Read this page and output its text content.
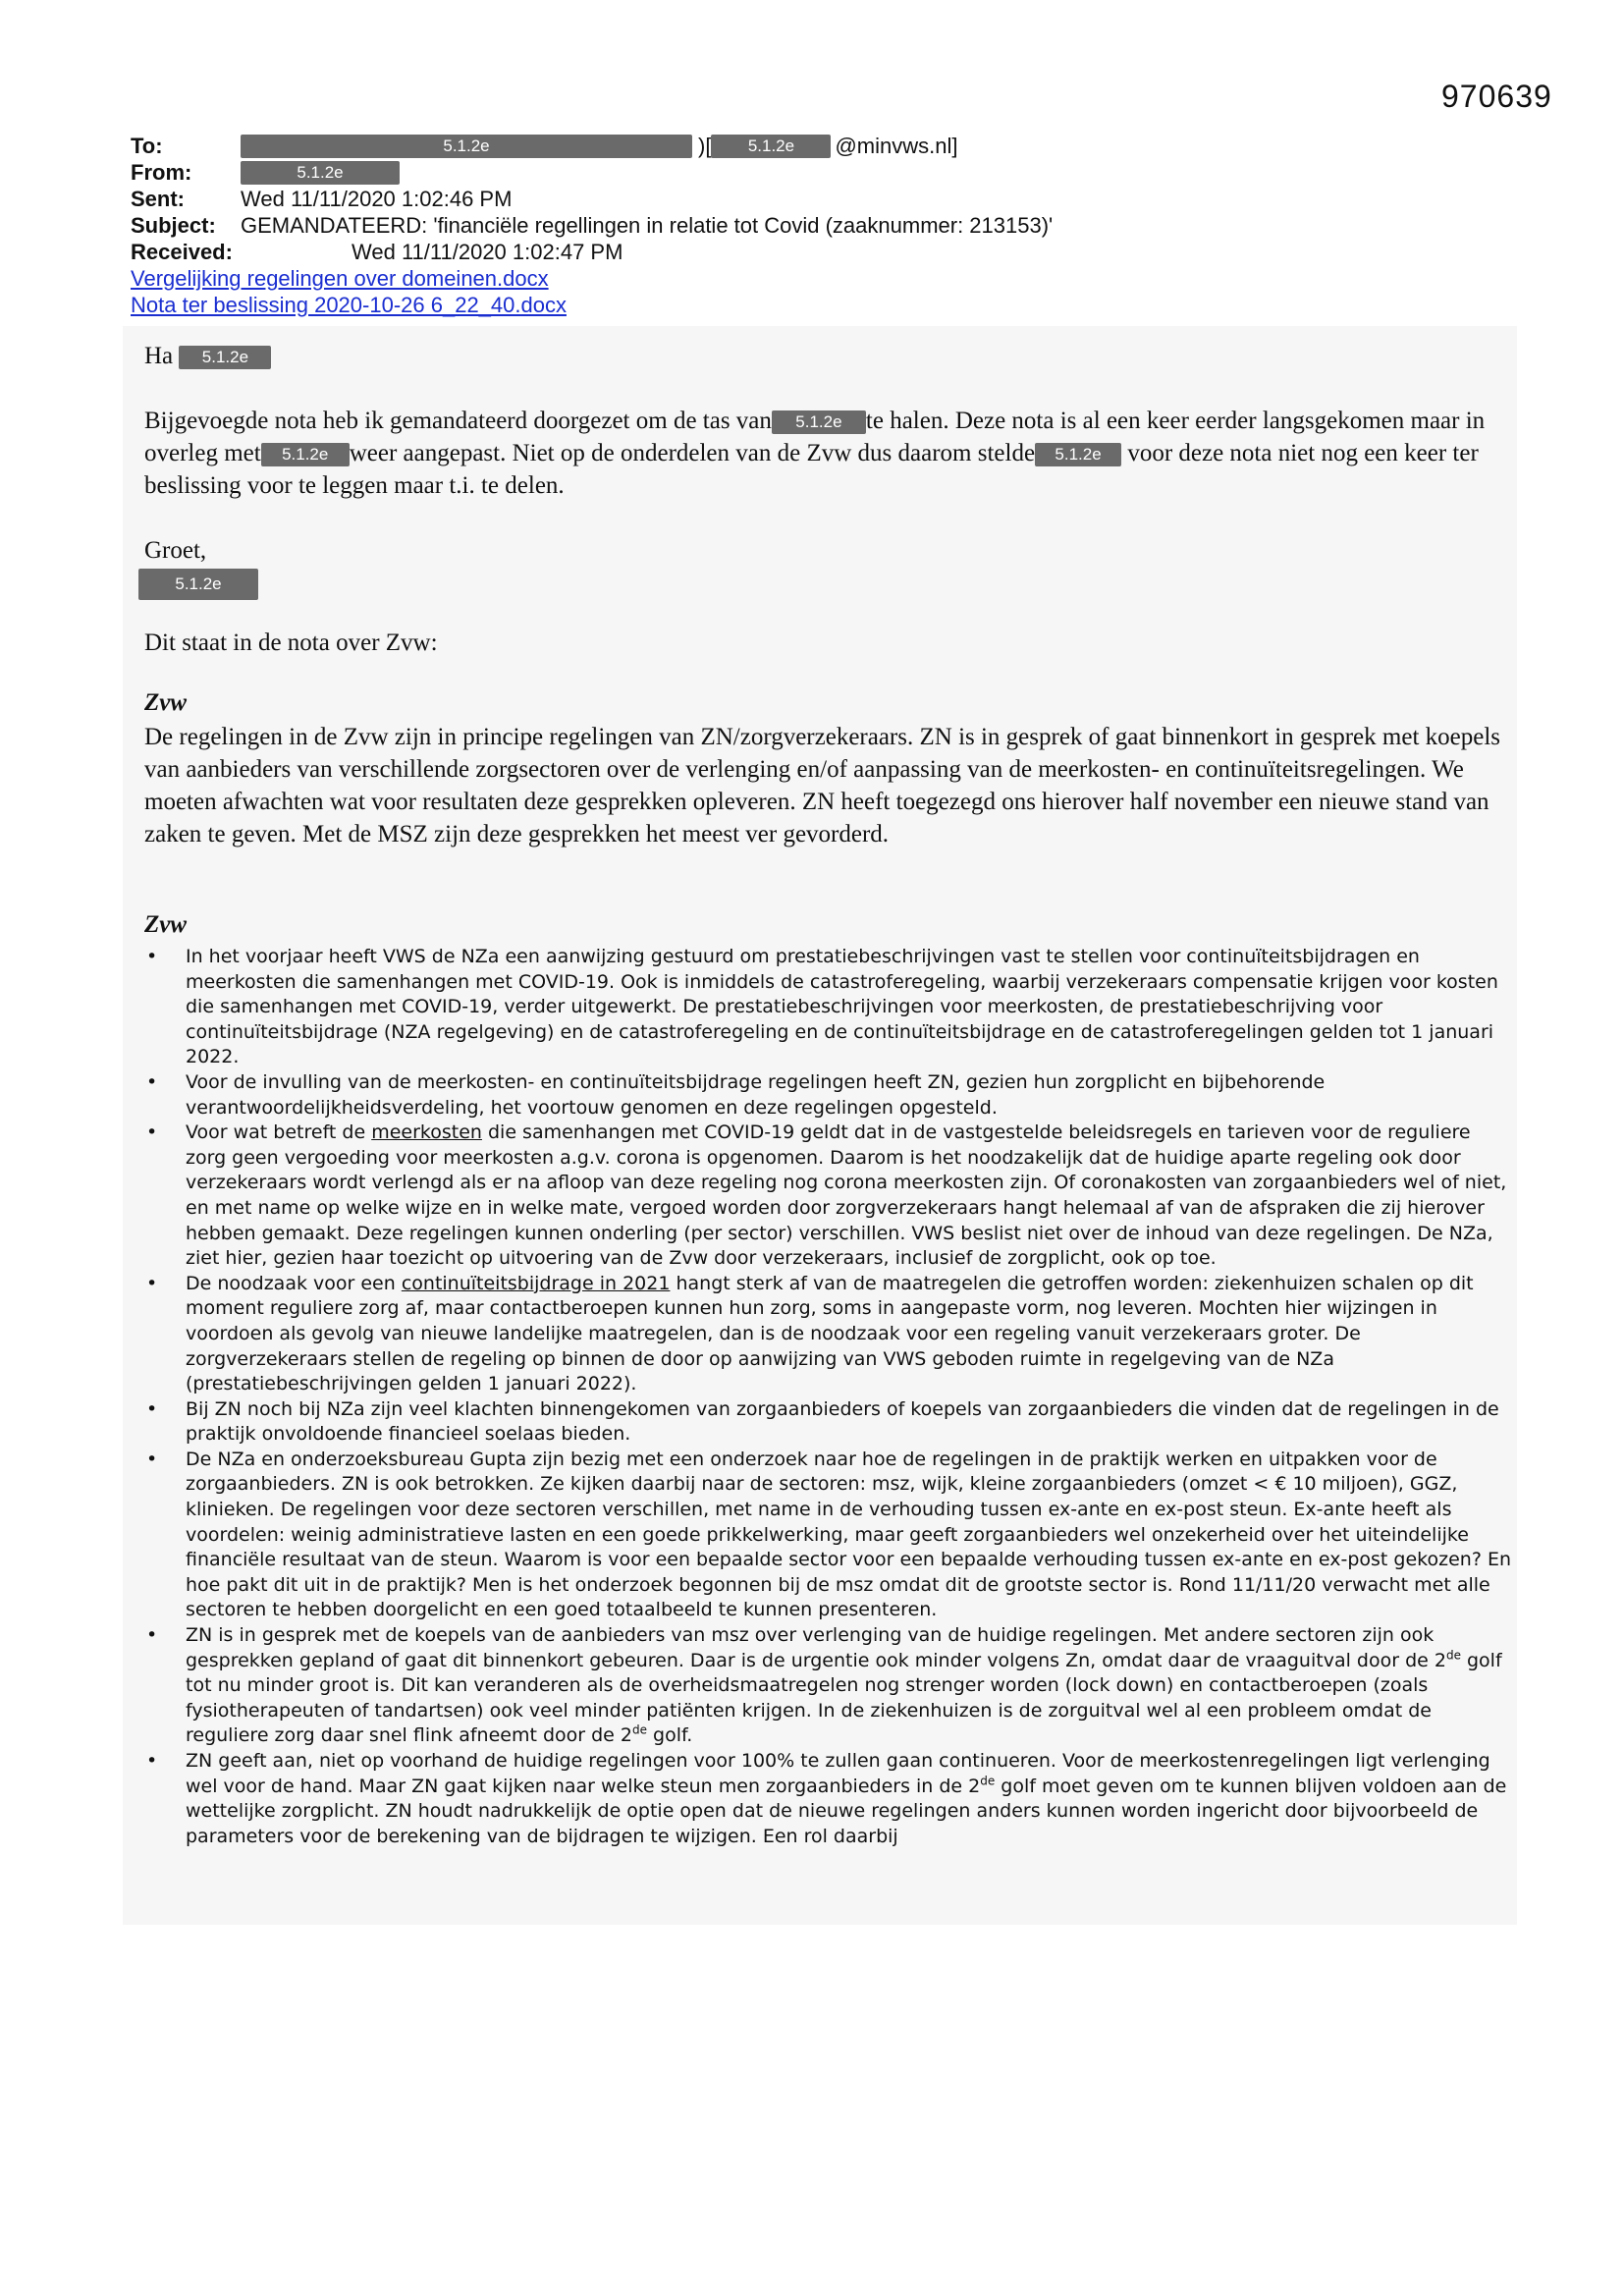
970639
To:	5.1.2e	)[	5.1.2e	@minvws.nl]
From:	5.1.2e
Sent:	Wed 11/11/2020 1:02:46 PM
Subject:	GEMANDATEERD: 'financiële regellingen in relatie tot Covid (zaaknummer: 213153)'
Received:	Wed 11/11/2020 1:02:47 PM
Vergelijking regelingen over domeinen.docx
Nota ter beslissing 2020-10-26 6_22_40.docx

Ha 5.1.2e

Bijgevoegde nota heb ik gemandateerd doorgezet om de tas van 5.1.2e te halen. Deze nota is al een keer eerder langsgekomen maar in overleg met 5.1.2e weer aangepast. Niet op de onderdelen van de Zvw dus daarom stelde 5.1.2e voor deze nota niet nog een keer ter beslissing voor te leggen maar t.i. te delen.

Groet,
5.1.2e

Dit staat in de nota over Zvw:

Zvw

De regelingen in de Zvw zijn in principe regelingen van ZN/zorgverzekeraars. ZN is in gesprek of gaat binnenkort in gesprek met koepels van aanbieders van verschillende zorgsectoren over de verlenging en/of aanpassing van de meerkosten- en continuïteitsregelingen. We moeten afwachten wat voor resultaten deze gesprekken opleveren. ZN heeft toegezegd ons hierover half november een nieuwe stand van zaken te geven. Met de MSZ zijn deze gesprekken het meest ver gevorderd.

Zvw

• In het voorjaar heeft VWS de NZa een aanwijzing gestuurd om prestatiebeschrijvingen vast te stellen voor continuïteitsbijdragen en meerkosten die samenhangen met COVID-19. Ook is inmiddels de catastroferegeling, waarbij verzekeraars compensatie krijgen voor kosten die samenhangen met COVID-19, verder uitgewerkt. De prestatiebeschrijvingen voor meerkosten, de prestatiebeschrijving voor continuïteitsbijdrage (NZA regelgeving) en de catastroferegeling en de continuïteitsbijdrage en de catastroferegelingen gelden tot 1 januari 2022.
• Voor de invulling van de meerkosten- en continuïteitsbijdrage regelingen heeft ZN, gezien hun zorgplicht en bijbehorende verantwoordelijkheidsverdeling, het voortouw genomen en deze regelingen opgesteld.
• Voor wat betreft de meerkosten die samenhangen met COVID-19 geldt dat in de vastgestelde beleidsregels en tarieven voor de reguliere zorg geen vergoeding voor meerkosten a.g.v. corona is opgenomen. Daarom is het noodzakelijk dat de huidige aparte regeling ook door verzekeraars wordt verlengd als er na afloop van deze regeling nog corona meerkosten zijn. Of coronakosten van zorgaanbieders wel of niet, en met name op welke wijze en in welke mate, vergoed worden door zorgverzekeraars hangt helemaal af van de afspraken die zij hierover hebben gemaakt. Deze regelingen kunnen onderling (per sector) verschillen. VWS beslist niet over de inhoud van deze regelingen. De NZa, ziet hier, gezien haar toezicht op uitvoering van de Zvw door verzekeraars, inclusief de zorgplicht, ook op toe.
• De noodzaak voor een continuïteitsbijdrage in 2021 hangt sterk af van de maatregelen die getroffen worden: ziekenhuizen schalen op dit moment reguliere zorg af, maar contactberoepen kunnen hun zorg, soms in aangepaste vorm, nog leveren. Mochten hier wijzingen in voordoen als gevolg van nieuwe landelijke maatregelen, dan is de noodzaak voor een regeling vanuit verzekeraars groter. De zorgverzekeraars stellen de regeling op binnen de door op aanwijzing van VWS geboden ruimte in regelgeving van de NZa (prestatiebeschrijvingen gelden 1 januari 2022).
• Bij ZN noch bij NZa zijn veel klachten binnengekomen van zorgaanbieders of koepels van zorgaanbieders die vinden dat de regelingen in de praktijk onvoldoende financieel soelaas bieden.
• De NZa en onderzoeksbureau Gupta zijn bezig met een onderzoek naar hoe de regelingen in de praktijk werken en uitpakken voor de zorgaanbieders. ZN is ook betrokken. Ze kijken daarbij naar de sectoren: msz, wijk, kleine zorgaanbieders (omzet < € 10 miljoen), GGZ, klinieken. De regelingen voor deze sectoren verschillen, met name in de verhouding tussen ex-ante en ex-post steun. Ex-ante heeft als voordelen: weinig administratieve lasten en een goede prikkelwerking, maar geeft zorgaanbieders wel onzekerheid over het uiteindelijke financiële resultaat van de steun. Waarom is voor een bepaalde sector voor een bepaalde verhouding tussen ex-ante en ex-post gekozen? En hoe pakt dit uit in de praktijk? Men is het onderzoek begonnen bij de msz omdat dit de grootste sector is. Rond 11/11/20 verwacht met alle sectoren te hebben doorgelicht en een goed totaalbeeld te kunnen presenteren.
• ZN is in gesprek met de koepels van de aanbieders van msz over verlenging van de huidige regelingen. Met andere sectoren zijn ook gesprekken gepland of gaat dit binnenkort gebeuren. Daar is de urgentie ook minder volgens Zn, omdat daar de vraaguitval door de 2de golf tot nu minder groot is. Dit kan veranderen als de overheidsmaatregelen nog strenger worden (lock down) en contactberoepen (zoals fysiotherapeuten of tandartsen) ook veel minder patiënten krijgen. In de ziekenhuizen is de zorguitval wel al een probleem omdat de reguliere zorg daar snel flink afneemt door de 2de golf.
• ZN geeft aan, niet op voorhand de huidige regelingen voor 100% te zullen gaan continueren. Voor de meerkostenregelingen ligt verlenging wel voor de hand. Maar ZN gaat kijken naar welke steun men zorgaanbieders in de 2de golf moet geven om te kunnen blijven voldoen aan de wettelijke zorgplicht. ZN houdt nadrukkelijk de optie open dat de nieuwe regelingen anders kunnen worden ingericht door bijvoorbeeld de parameters voor de berekening van de bijdragen te wijzigen. Een rol daarbij
